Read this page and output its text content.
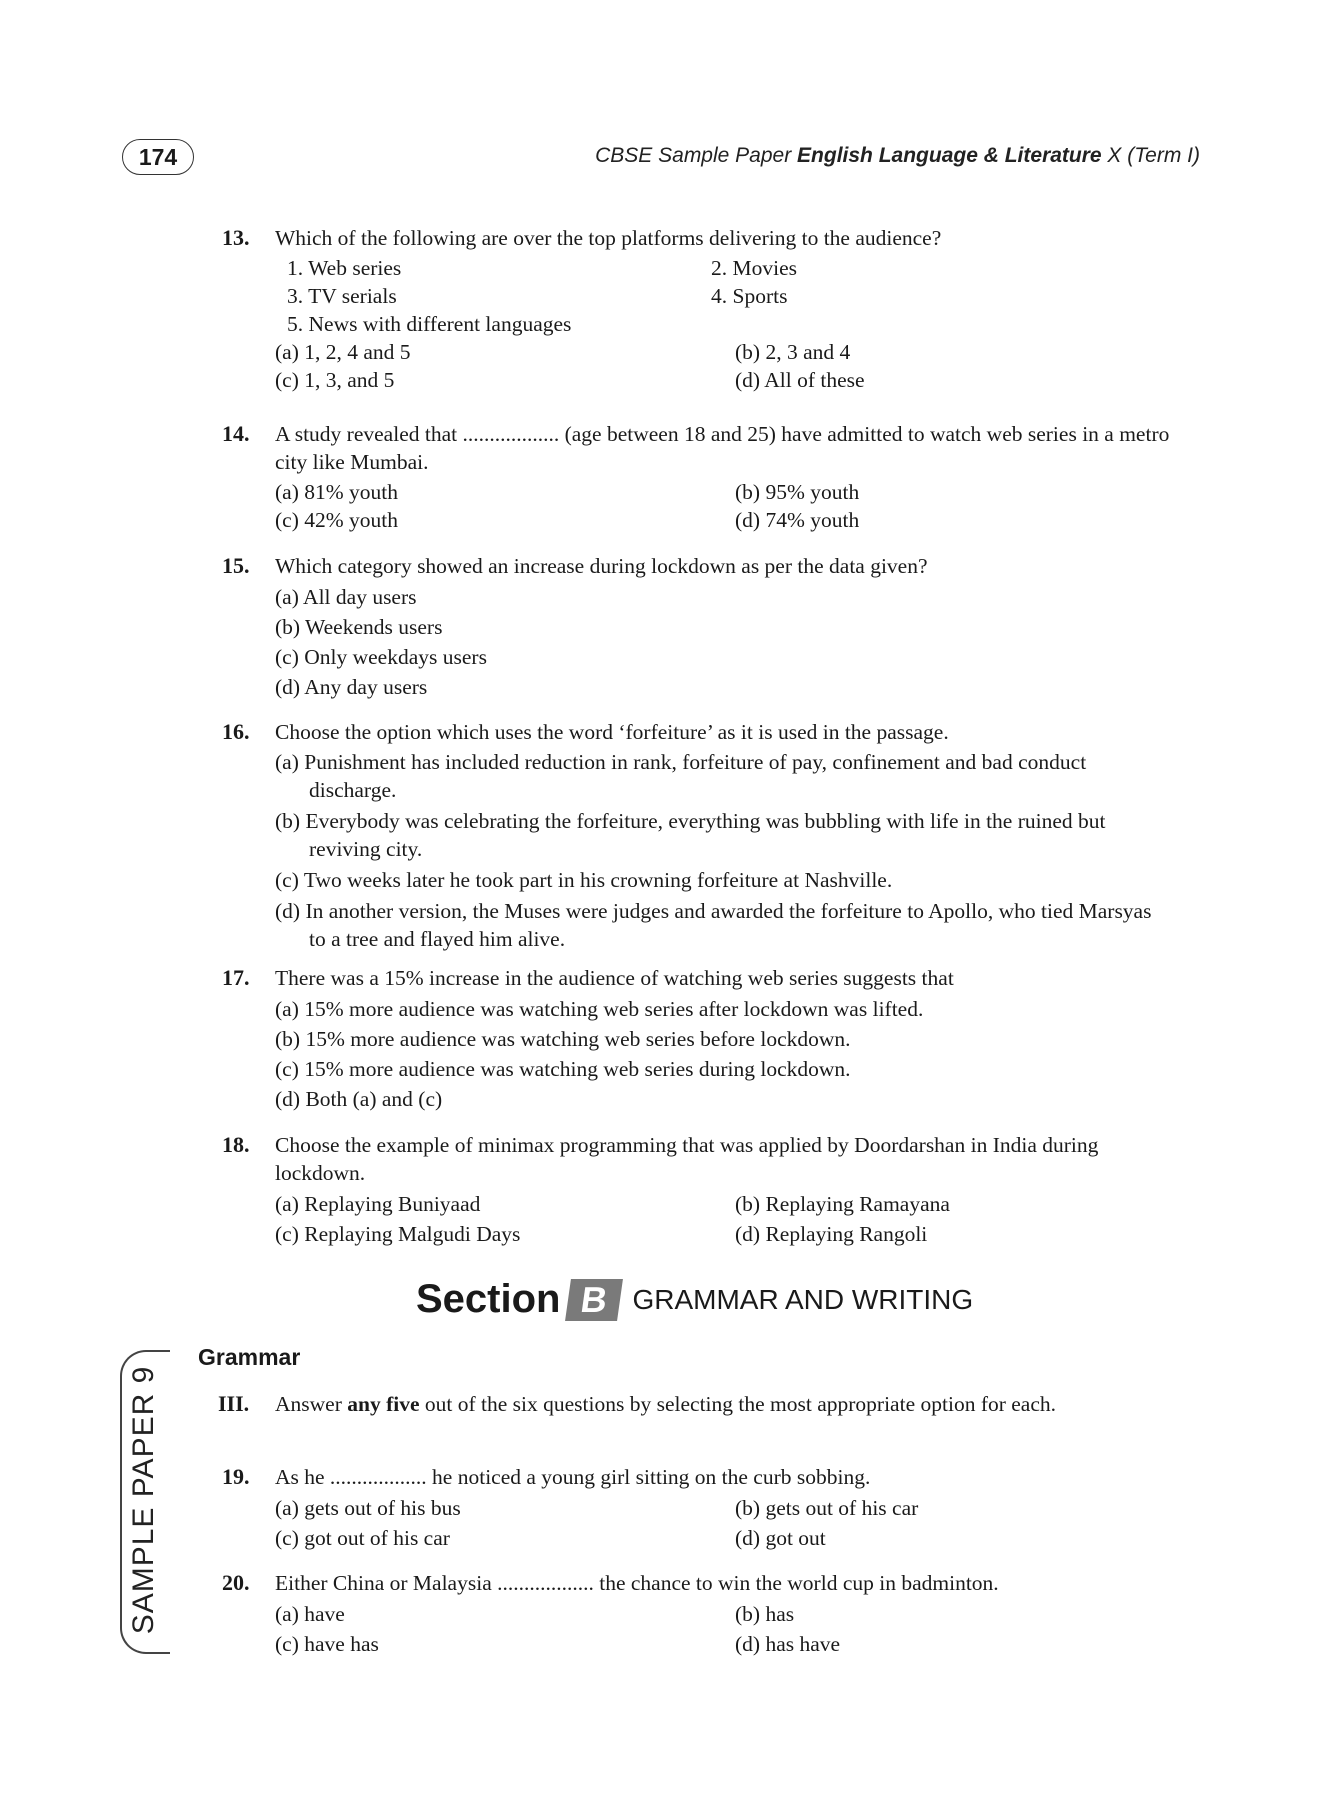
174	CBSE Sample Paper English Language & Literature X (Term I)
13. Which of the following are over the top platforms delivering to the audience?
1. Web series	2. Movies
3. TV serials	4. Sports
5. News with different languages
(a) 1, 2, 4 and 5	(b) 2, 3 and 4
(c) 1, 3, and 5	(d) All of these
14. A study revealed that .................. (age between 18 and 25) have admitted to watch web series in a metro city like Mumbai.
(a) 81% youth	(b) 95% youth
(c) 42% youth	(d) 74% youth
15. Which category showed an increase during lockdown as per the data given?
(a) All day users
(b) Weekends users
(c) Only weekdays users
(d) Any day users
16. Choose the option which uses the word ‘forfeiture’ as it is used in the passage.
(a) Punishment has included reduction in rank, forfeiture of pay, confinement and bad conduct discharge.
(b) Everybody was celebrating the forfeiture, everything was bubbling with life in the ruined but reviving city.
(c) Two weeks later he took part in his crowning forfeiture at Nashville.
(d) In another version, the Muses were judges and awarded the forfeiture to Apollo, who tied Marsyas to a tree and flayed him alive.
17. There was a 15% increase in the audience of watching web series suggests that
(a) 15% more audience was watching web series after lockdown was lifted.
(b) 15% more audience was watching web series before lockdown.
(c) 15% more audience was watching web series during lockdown.
(d) Both (a) and (c)
18. Choose the example of minimax programming that was applied by Doordarshan in India during lockdown.
(a) Replaying Buniyaad	(b) Replaying Ramayana
(c) Replaying Malgudi Days	(d) Replaying Rangoli
Section B GRAMMAR AND WRITING
Grammar
III. Answer any five out of the six questions by selecting the most appropriate option for each.
19. As he .................. he noticed a young girl sitting on the curb sobbing.
(a) gets out of his bus	(b) gets out of his car
(c) got out of his car	(d) got out
20. Either China or Malaysia .................. the chance to win the world cup in badminton.
(a) have	(b) has
(c) have has	(d) has have
SAMPLE PAPER 9
